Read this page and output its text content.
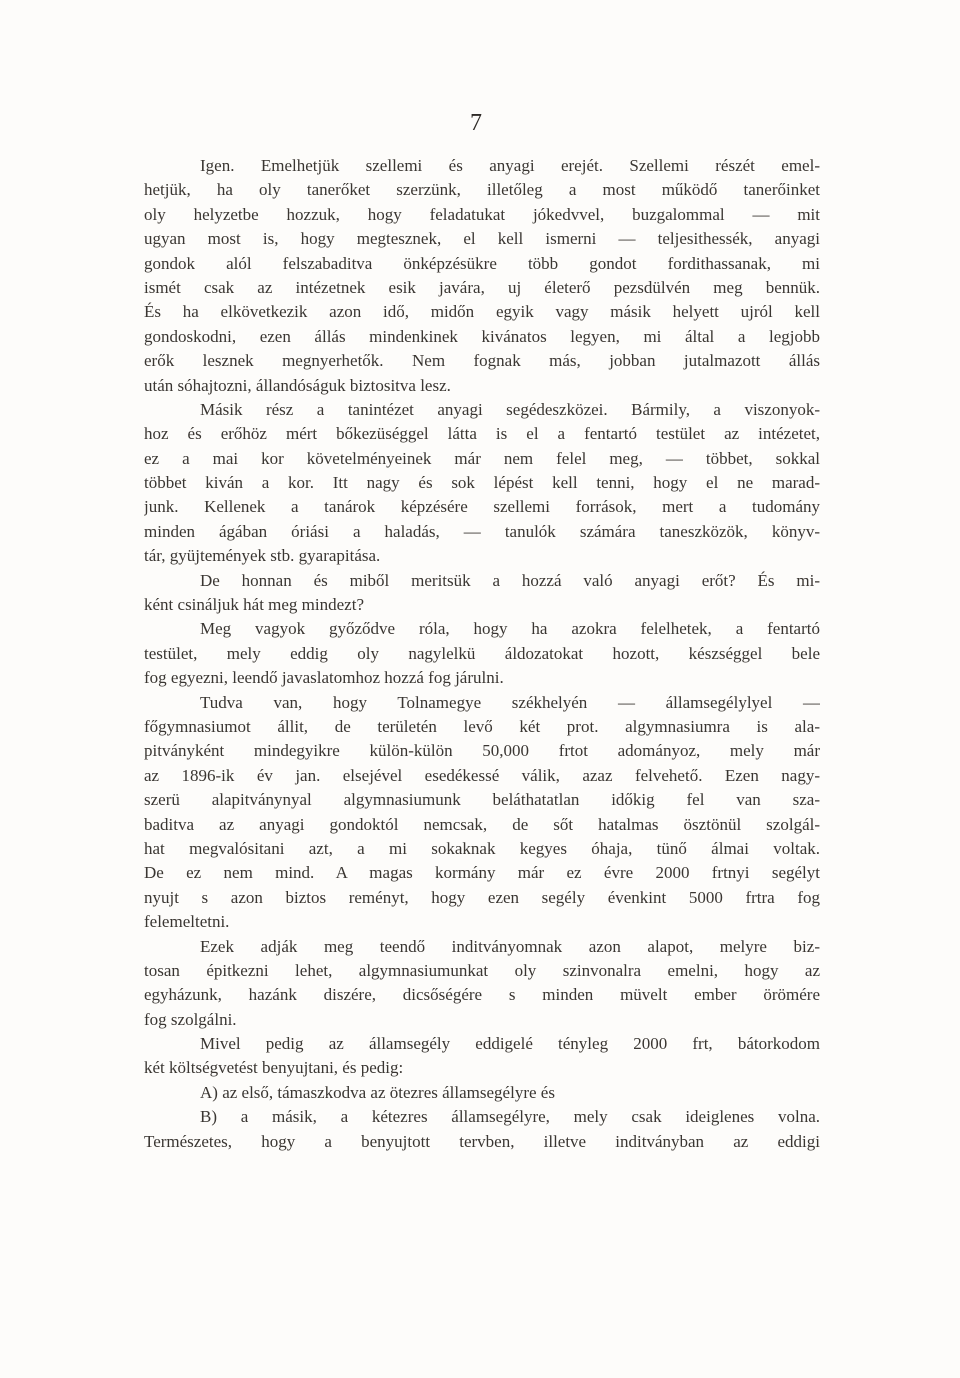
7
Igen. Emelhetjük szellemi és anyagi erejét. Szellemi részét emel-
hetjük, ha oly tanerőket szerzünk, illetőleg a most működő tanerőinket
oly helyzetbe hozzuk, hogy feladatukat jókedvvel, buzgalommal — mit
ugyan most is, hogy megtesznek, el kell ismerni — teljesithessék, anyagi
gondok alól felszabaditva önképzésükre több gondot fordithassanak, mi
ismét csak az intézetnek esik javára, uj életerő pezsdülvén meg bennük.
És ha elkövetkezik azon idő, midőn egyik vagy másik helyett ujról kell
gondoskodni, ezen állás mindenkinek kivánatos legyen, mi által a legjobb
erők lesznek megnyerhetők. Nem fognak más, jobban jutalmazott állás
után sóhajtozni, állandóságuk biztositva lesz.
Másik rész a tanintézet anyagi segédeszközei. Bármily, a viszonyok-
hoz és erőhöz mért bőkezüséggel látta is el a fentartó testület az intézetet,
ez a mai kor követelményeinek már nem felel meg, — többet, sokkal
többet kiván a kor. Itt nagy és sok lépést kell tenni, hogy el ne marad-
junk. Kellenek a tanárok képzésére szellemi források, mert a tudomány
minden ágában óriási a haladás, — tanulók számára taneszközök, könyv-
tár, gyüjtemények stb. gyarapitása.
De honnan és miből meritsük a hozzá való anyagi erőt? És mi-
ként csináljuk hát meg mindezt?
Meg vagyok győződve róla, hogy ha azokra felelhetek, a fentartó
testület, mely eddig oly nagylelkü áldozatokat hozott, készséggel bele
fog egyezni, leendő javaslatomhoz hozzá fog járulni.
Tudva van, hogy Tolnamegye székhelyén — államsegélylyel —
főgymnasiumot állit, de területén levő két prot. algymnasiumra is ala-
pitványként mindegyikre külön-külön 50,000 frtot adományoz, mely már
az 1896-ik év jan. elsejével esedékessé válik, azaz felvehető. Ezen nagy-
szerü alapitványnyal algymnasiumunk beláthatatlan időkig fel van sza-
baditva az anyagi gondoktól nemcsak, de sőt hatalmas ösztönül szolgál-
hat megvalósitani azt, a mi sokaknak kegyes óhaja, tünő álmai voltak.
De ez nem mind. A magas kormány már ez évre 2000 frtnyi segélyt
nyujt s azon biztos reményt, hogy ezen segély évenkint 5000 frtra fog
felemeltetni.
Ezek adják meg teendő inditványomnak azon alapot, melyre biz-
tosan épitkezni lehet, algymnasiumunkat oly szinvonalra emelni, hogy az
egyházunk, hazánk diszére, dicsőségére s minden müvelt ember örömére
fog szolgálni.
Mivel pedig az államsegély eddigelé tényleg 2000 frt, bátorkodom
két költségvetést benyujtani, és pedig:
A) az első, támaszkodva az ötezres államsegélyre és
B) a másik, a kétezres államsegélyre, mely csak ideiglenes volna.
Természetes, hogy a benyujtott tervben, illetve inditványban az eddigi
